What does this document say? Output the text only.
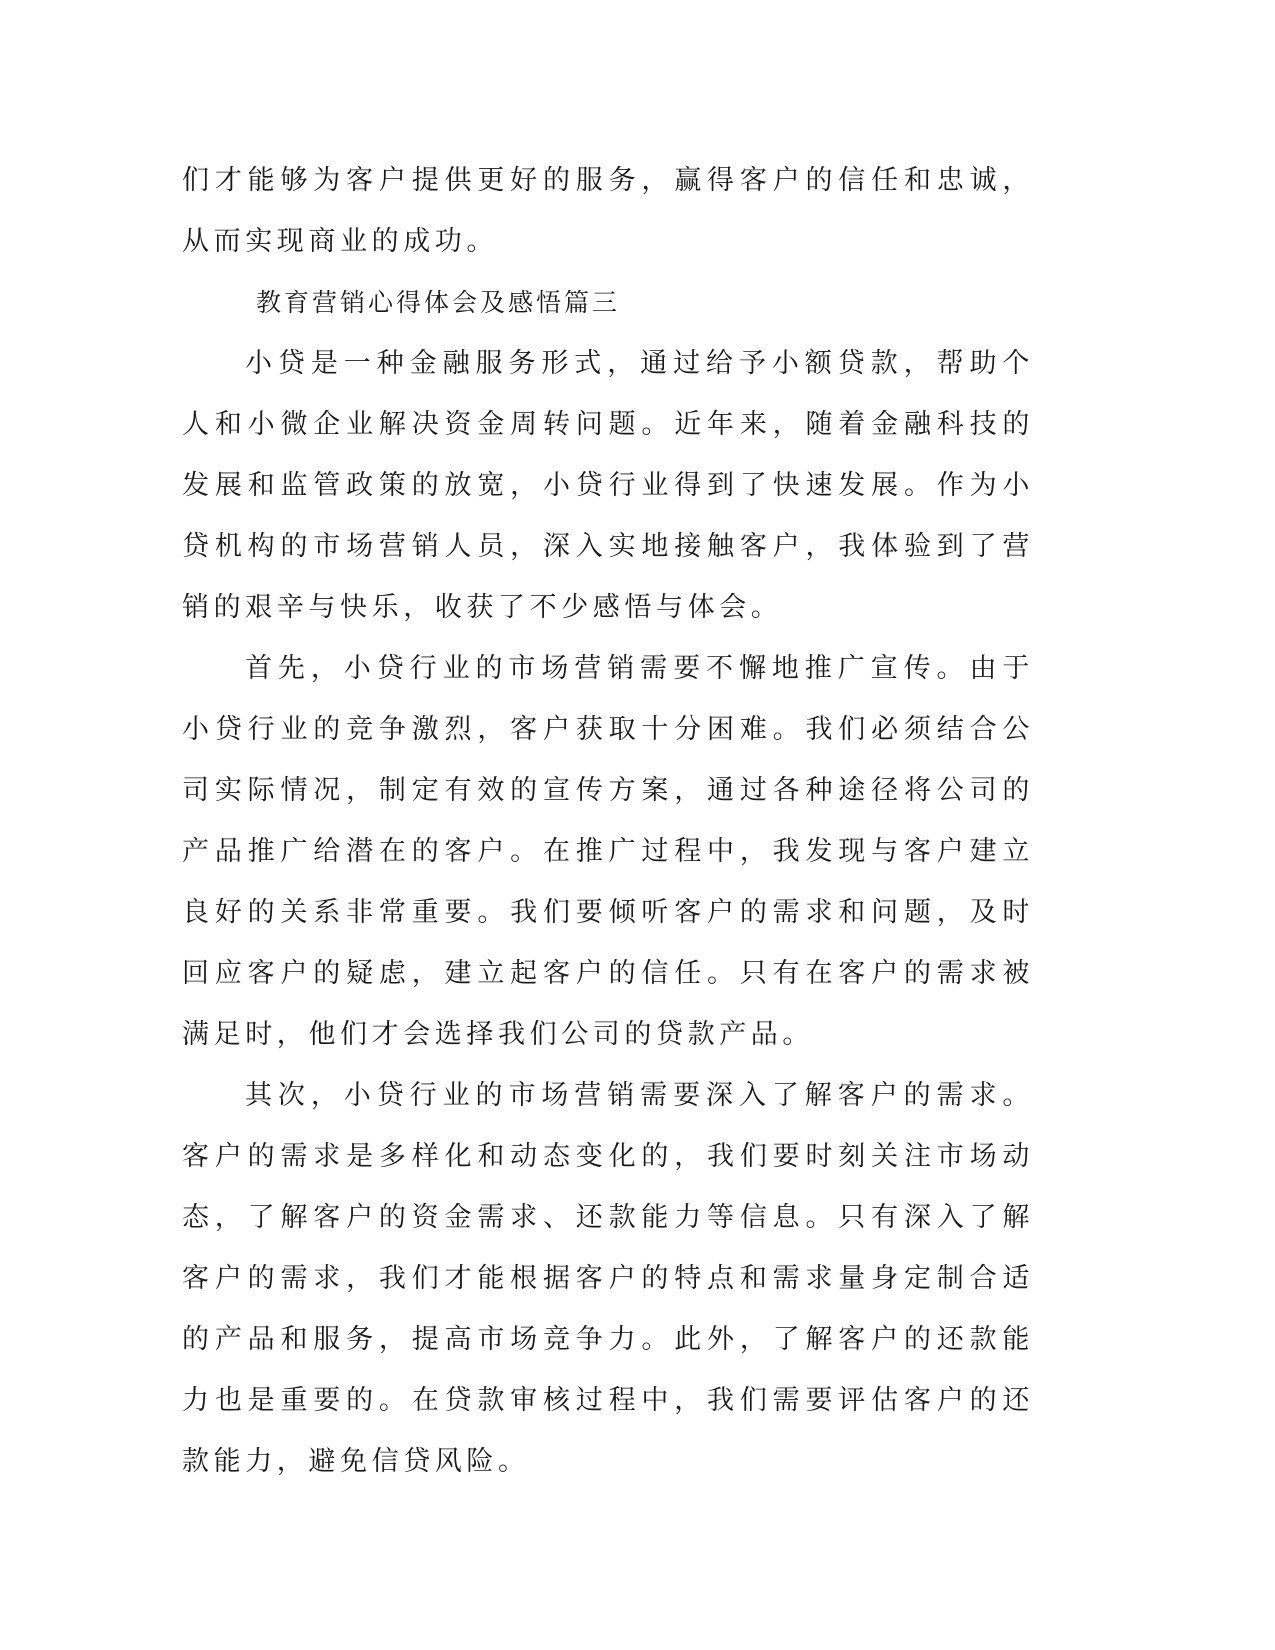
们才能够为客户提供更好的服务，赢得客户的信任和忠诚，从而实现商业的成功。

教育营销心得体会及感悟篇三

小贷是一种金融服务形式，通过给予小额贷款，帮助个人和小微企业解决资金周转问题。近年来，随着金融科技的发展和监管政策的放宽，小贷行业得到了快速发展。作为小贷机构的市场营销人员，深入实地接触客户，我体验到了营销的艰辛与快乐，收获了不少感悟与体会。

首先，小贷行业的市场营销需要不懈地推广宣传。由于小贷行业的竞争激烈，客户获取十分困难。我们必须结合公司实际情况，制定有效的宣传方案，通过各种途径将公司的产品推广给潜在的客户。在推广过程中，我发现与客户建立良好的关系非常重要。我们要倾听客户的需求和问题，及时回应客户的疑虑，建立起客户的信任。只有在客户的需求被满足时，他们才会选择我们公司的贷款产品。

其次，小贷行业的市场营销需要深入了解客户的需求。客户的需求是多样化和动态变化的，我们要时刻关注市场动态，了解客户的资金需求、还款能力等信息。只有深入了解客户的需求，我们才能根据客户的特点和需求量身定制合适的产品和服务，提高市场竞争力。此外，了解客户的还款能力也是重要的。在贷款审核过程中，我们需要评估客户的还款能力，避免信贷风险。
